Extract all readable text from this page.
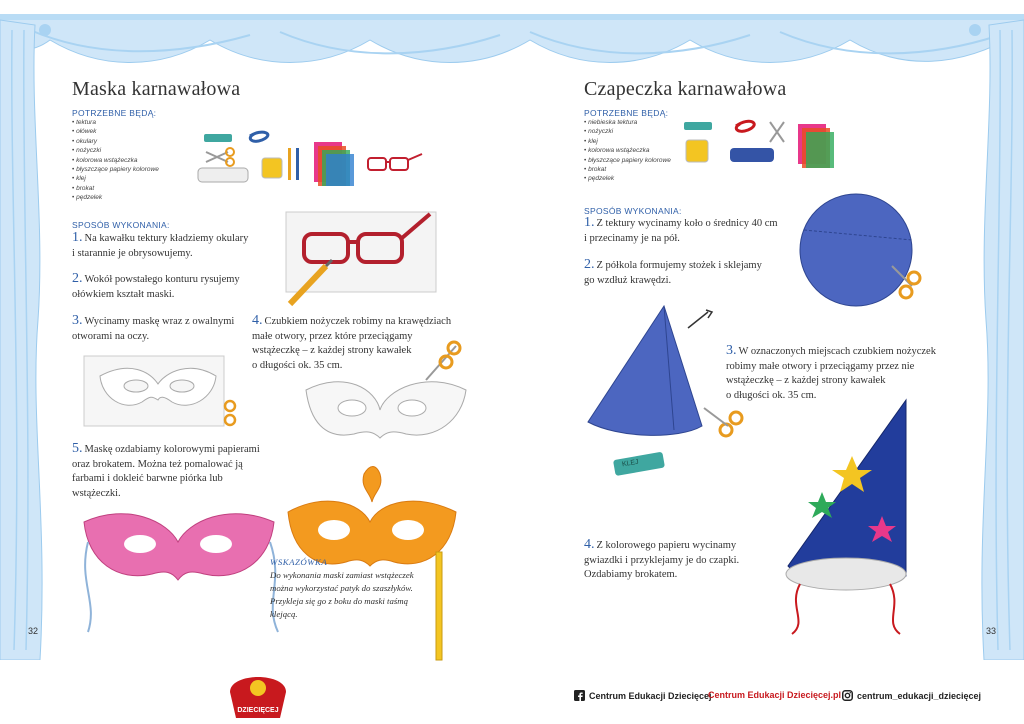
Maska karnawałowa
POTRZEBNE BĘDĄ:
• tektura
• ołówek
• okulary
• nożyczki
• kolorowa wstążeczka
• błyszczące papiery kolorowe
• klej
• brokat
• pędzelek
SPOSÓB WYKONANIA:
1. Na kawałku tektury kładziemy okulary
i starannie je obrysowujemy.
2. Wokół powstałego konturu rysujemy
ołówkiem kształt maski.
3. Wycinamy maskę wraz z owalnymi
otworami na oczy.
4. Czubkiem nożyczek robimy na krawędziach
małe otwory, przez które przeciągamy
wstążeczkę – z każdej strony kawałek
o długości ok. 35 cm.
5. Maskę ozdabiamy kolorowymi papierami
oraz brokatem. Można też pomalować ją
farbami i dokleić barwne piórka lub
wstążeczki.
WSKAZÓWKA
Do wykonania maski zamiast wstążeczek
można wykorzystać patyk do szaszłyków.
Przykleja się go z boku do maski taśmą
klejącą.
32
Czapeczka karnawałowa
POTRZEBNE BĘDĄ:
• niebieska tektura
• nożyczki
• klej
• kolorowa wstążeczka
• błyszczące papiery kolorowe
• brokat
• pędzelek
SPOSÓB WYKONANIA:
1. Z tektury wycinamy koło o średnicy 40 cm
i przecinamy je na pół.
2. Z półkola formujemy stożek i sklejamy
go wzdłuż krawędzi.
3. W oznaczonych miejscach czubkiem nożyczek
robimy małe otwory i przeciągamy przez nie
wstążeczkę – z każdej strony kawałek
o długości ok. 35 cm.
4. Z kolorowego papieru wycinamy
gwiazdki i przyklejamy je do czapki.
Ozdabiamy brokatem.
KLEJ
33
CENTRUM EDUKACJI
DZIECIĘCEJ
Centrum Edukacji Dziecięcej
Centrum Edukacji Dziecięcej.pl centrum_edukacji_dziecięcej
